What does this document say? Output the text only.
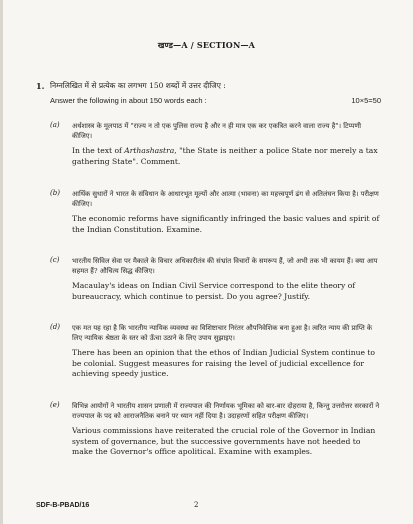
खण्ड—A / SECTION—A
1. निम्नलिखित में से प्रत्येक का लगभग 150 शब्दों में उत्तर दीजिए :
Answer the following in about 150 words each :	10×5=50
(a) अर्थशास्त्र के मूलपाठ में "राज्य न तो एक पुलिस राज्य है और न ही मात्र एक कर एकत्रित करने वाला राज्य है"। टिप्पणी कीजिए।
In the text of Arthashastra, "the State is neither a police State nor merely a tax gathering State". Comment.
(b) आर्थिक सुधारों ने भारत के संविधान के आधारभूत मूल्यों और आत्मा (भावना) का महत्त्वपूर्ण ढंग से अतिलंघन किया है। परीक्षण कीजिए।
The economic reforms have significantly infringed the basic values and spirit of the Indian Constitution. Examine.
(c) भारतीय सिविल सेवा पर मैकाले के विचार अधिकारीतंत्र की संभ्रांत विचारों के समरूप हैं, जो अभी तक भी कायम हैं। क्या आप सहमत हैं? औचित्य सिद्ध कीजिए।
Macaulay's ideas on Indian Civil Service correspond to the elite theory of bureaucracy, which continue to persist. Do you agree? Justify.
(d) एक मत यह रहा है कि भारतीय न्यायिक व्यवस्था का विशिष्टाचार निरंतर औपनिवेशिक बना हुआ है। त्वरित न्याय की प्राप्ति के लिए न्यायिक श्रेष्ठता के स्तर को ऊँचा उठाने के लिए उपाय सुझाइए।
There has been an opinion that the ethos of Indian Judicial System continue to be colonial. Suggest measures for raising the level of judicial excellence for achieving speedy justice.
(e) विभिन्न आयोगों ने भारतीय शासन प्रणाली में राज्यपाल की निर्णायक भूमिका को बार-बार दोहराया है, किन्तु उत्तरोत्तर सरकारों ने राज्यपाल के पद को आराजनैतिक बनाने पर ध्यान नहीं दिया है। उदाहरणों सहित परीक्षण कीजिए।
Various commissions have reiterated the crucial role of the Governor in Indian system of governance, but the successive governments have not heeded to make the Governor's office apolitical. Examine with examples.
SDF-B-PBAD/16	2
